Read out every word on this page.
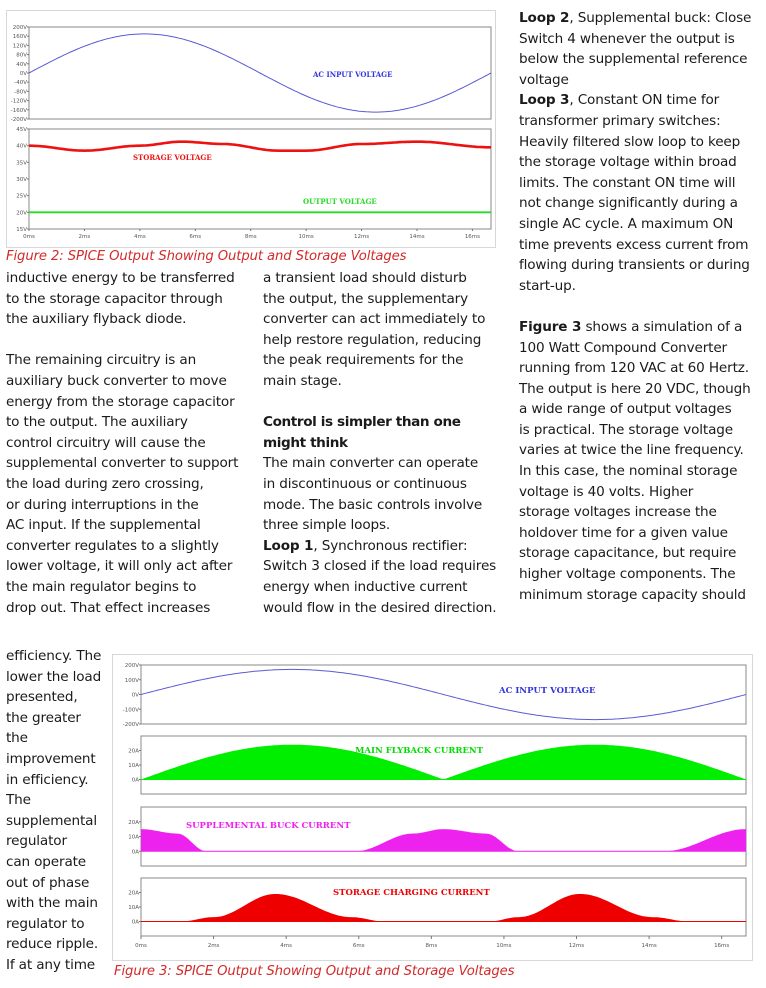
200V
160V
120V
80V
40V
0V
-40V
-80V
-120V
-160V
-200V
AC INPUT VOLTAGE
45V
40V
35V
30V
25V
20V
15V
STORAGE VOLTAGE
OUTPUT VOLTAGE
0ms	2ms	4ms	6ms	8ms	10ms	12ms	14ms	16ms
Figure 2: SPICE Output Showing Output and Storage Voltages

inductive energy to be transferred

to the storage capacitor through

the auxiliary flyback diode.

The remaining circuitry is an

auxiliary buck converter to move

energy from the storage capacitor

to the output. The auxiliary

control circuitry will cause the

supplemental converter to support

the load during zero crossing,

or during interruptions in the

AC input. If the supplemental

converter regulates to a slightly

lower voltage, it will only act after

the main regulator begins to

drop out. That effect increases

efficiency. The

lower the load

presented,

the greater

the

improvement

in efficiency.

The

supplemental

regulator

can operate

out of phase

with the main

regulator to

reduce ripple.

If at any time

a transient load should disturb

the output, the supplementary

converter can act immediately to

help restore regulation, reducing

the peak requirements for the

main stage.

Control is simpler than one

might think

The main converter can operate

in discontinuous or continuous

mode. The basic controls involve

three simple loops.

Loop 1, Synchronous rectifier:

Switch 3 closed if the load requires

energy when inductive current

would flow in the desired direction.

Loop 2, Supplemental buck: Close

Switch 4 whenever the output is

below the supplemental reference

voltage

Loop 3, Constant ON time for

transformer primary switches:

Heavily filtered slow loop to keep

the storage voltage within broad

limits. The constant ON time will

not change significantly during a

single AC cycle. A maximum ON

time prevents excess current from

flowing during transients or during

start-up.

Figure 3 shows a simulation of a

100 Watt Compound Converter

running from 120 VAC at 60 Hertz.

The output is here 20 VDC, though

a wide range of output voltages

is practical. The storage voltage

varies at twice the line frequency.

In this case, the nominal storage

voltage is 40 volts. Higher

storage voltages increase the

holdover time for a given value

storage capacitance, but require

higher voltage components. The

minimum storage capacity should

200V
100V
0V
-100V
-200V
20A
10A
0A
20A
10A
0A
20A
10A
0A
AC INPUT VOLTAGE
MAIN FLYBACK CURRENT
SUPPLEMENTAL BUCK CURRENT
STORAGE CHARGING CURRENT
0ms	2ms	4ms	6ms	8ms	10ms	12ms	14ms	16ms
Figure 3: SPICE Output Showing Output and Storage Voltages
